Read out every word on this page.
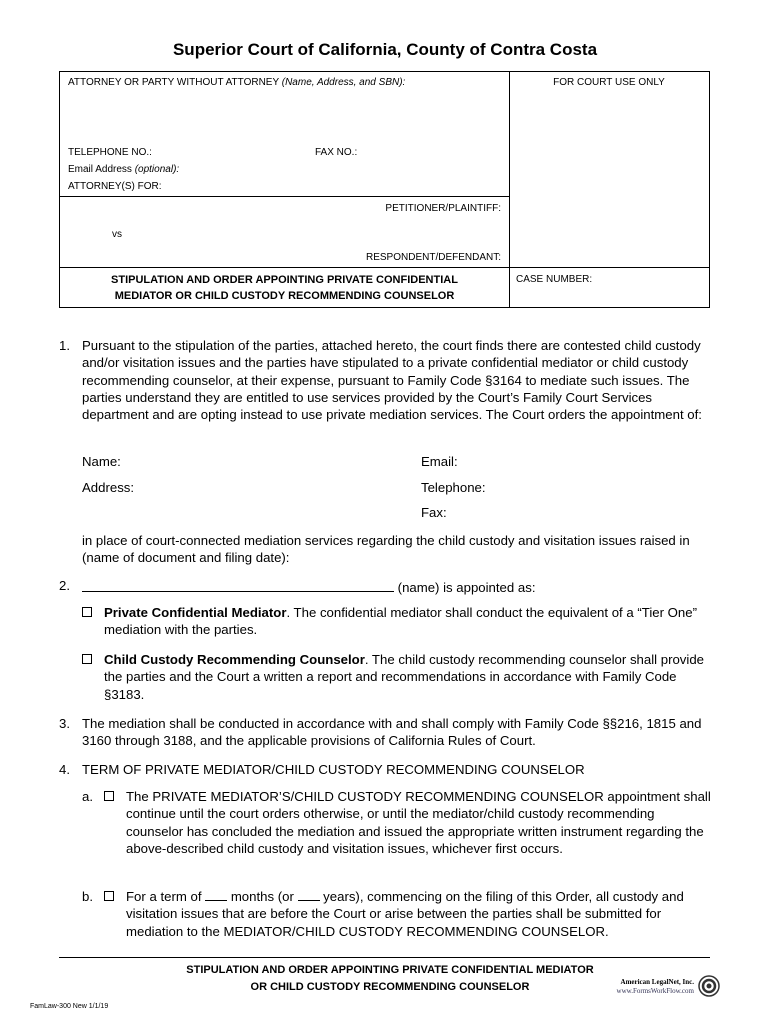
Superior Court of California, County of Contra Costa
ATTORNEY OR PARTY WITHOUT ATTORNEY (Name, Address, and SBN):	FOR COURT USE ONLY
TELEPHONE NO.:	FAX NO.:
Email Address (optional):
ATTORNEY(S) FOR:
PETITIONER/PLAINTIFF:
vs
RESPONDENT/DEFENDANT:
STIPULATION AND ORDER APPOINTING PRIVATE CONFIDENTIAL
MEDIATOR OR CHILD CUSTODY RECOMMENDING COUNSELOR
CASE NUMBER:
1. Pursuant to the stipulation of the parties, attached hereto, the court finds there are contested child custody and/or visitation issues and the parties have stipulated to a private confidential mediator or child custody recommending counselor, at their expense, pursuant to Family Code §3164 to mediate such issues. The parties understand they are entitled to use services provided by the Court’s Family Court Services department and are opting instead to use private mediation services. The Court orders the appointment of:
Name:	Email:
Address:	Telephone:
Fax:
in place of court-connected mediation services regarding the child custody and visitation issues raised in (name of document and filing date):
2.	(name) is appointed as:
Private Confidential Mediator. The confidential mediator shall conduct the equivalent of a “Tier One” mediation with the parties.
Child Custody Recommending Counselor. The child custody recommending counselor shall provide the parties and the Court a written a report and recommendations in accordance with Family Code §3183.
3. The mediation shall be conducted in accordance with and shall comply with Family Code §§216, 1815 and 3160 through 3188, and the applicable provisions of California Rules of Court.
4. TERM OF PRIVATE MEDIATOR/CHILD CUSTODY RECOMMENDING COUNSELOR
a.	The PRIVATE MEDIATOR’S/CHILD CUSTODY RECOMMENDING COUNSELOR appointment shall continue until the court orders otherwise, or until the mediator/child custody recommending counselor has concluded the mediation and issued the appropriate written instrument regarding the above-described child custody and visitation issues, whichever first occurs.
b.	For a term of  months (or  years), commencing on the filing of this Order, all custody and visitation issues that are before the Court or arise between the parties shall be submitted for mediation to the MEDIATOR/CHILD CUSTODY RECOMMENDING COUNSELOR.
STIPULATION AND ORDER APPOINTING PRIVATE CONFIDENTIAL MEDIATOR
OR CHILD CUSTODY RECOMMENDING COUNSELOR
FamLaw-300 New 1/1/19
American LegalNet, Inc.
www.FormsWorkFlow.com
